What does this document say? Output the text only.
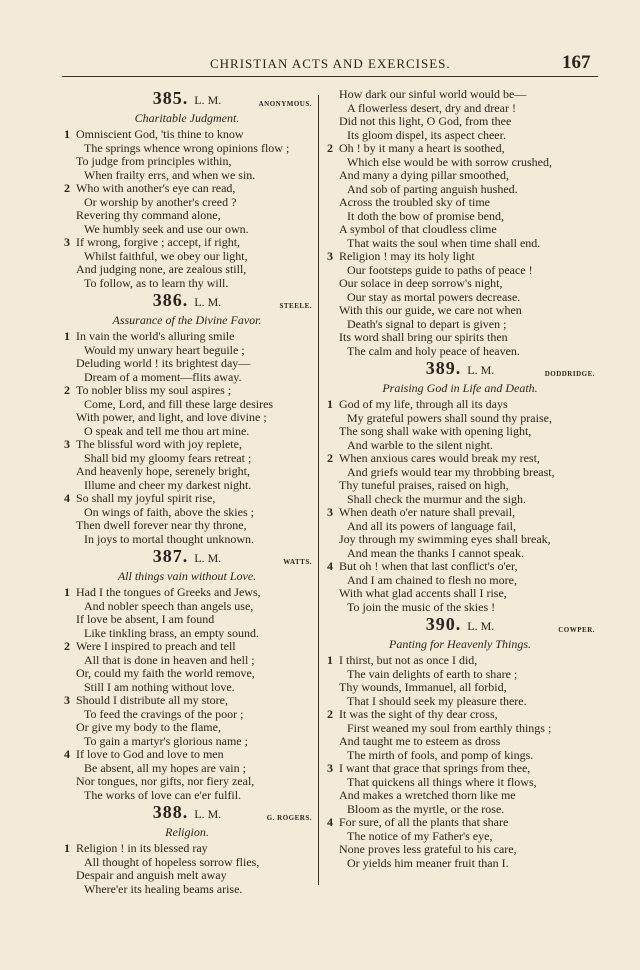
CHRISTIAN ACTS AND EXERCISES.	167
385. L. M.	ANONYMOUS.
Charitable Judgment.
1 Omniscient God, 'tis thine to know
The springs whence wrong opinions flow ;
To judge from principles within,
When frailty errs, and when we sin.
2 Who with another's eye can read,
Or worship by another's creed ?
Revering thy command alone,
We humbly seek and use our own.
3 If wrong, forgive ; accept, if right,
Whilst faithful, we obey our light,
And judging none, are zealous still,
To follow, as to learn thy will.
386. L. M.	STEELE.
Assurance of the Divine Favor.
1 In vain the world's alluring smile
Would my unwary heart beguile ;
Deluding world ! its brightest day—
Dream of a moment—flits away.
2 To nobler bliss my soul aspires ;
Come, Lord, and fill these large desires
With power, and light, and love divine ;
O speak and tell me thou art mine.
3 The blissful word with joy replete,
Shall bid my gloomy fears retreat ;
And heavenly hope, serenely bright,
Illume and cheer my darkest night.
4 So shall my joyful spirit rise,
On wings of faith, above the skies ;
Then dwell forever near thy throne,
In joys to mortal thought unknown.
387. L. M.	WATTS.
All things vain without Love.
1 Had I the tongues of Greeks and Jews,
And nobler speech than angels use,
If love be absent, I am found
Like tinkling brass, an empty sound.
2 Were I inspired to preach and tell
All that is done in heaven and hell ;
Or, could my faith the world remove,
Still I am nothing without love.
3 Should I distribute all my store,
To feed the cravings of the poor ;
Or give my body to the flame,
To gain a martyr's glorious name ;
4 If love to God and love to men
Be absent, all my hopes are vain ;
Nor tongues, nor gifts, nor fiery zeal,
The works of love can e'er fulfil.
388. L. M.	G. ROGERS.
Religion.
1 Religion ! in its blessed ray
All thought of hopeless sorrow flies,
Despair and anguish melt away
Where'er its healing beams arise.
How dark our sinful world would be—
A flowerless desert, dry and drear !
Did not this light, O God, from thee
Its gloom dispel, its aspect cheer.
2 Oh ! by it many a heart is soothed,
Which else would be with sorrow crushed,
And many a dying pillar smoothed,
And sob of parting anguish hushed.
Across the troubled sky of time
It doth the bow of promise bend,
A symbol of that cloudless clime
That waits the soul when time shall end.
3 Religion ! may its holy light
Our footsteps guide to paths of peace !
Our solace in deep sorrow's night,
Our stay as mortal powers decrease.
With this our guide, we care not when
Death's signal to depart is given ;
Its word shall bring our spirits then
The calm and holy peace of heaven.
389. L. M.	DODDRIDGE.
Praising God in Life and Death.
1 God of my life, through all its days
My grateful powers shall sound thy praise,
The song shall wake with opening light,
And warble to the silent night.
2 When anxious cares would break my rest,
And griefs would tear my throbbing breast,
Thy tuneful praises, raised on high,
Shall check the murmur and the sigh.
3 When death o'er nature shall prevail,
And all its powers of language fail,
Joy through my swimming eyes shall break,
And mean the thanks I cannot speak.
4 But oh ! when that last conflict's o'er,
And I am chained to flesh no more,
With what glad accents shall I rise,
To join the music of the skies !
390. L. M.	COWPER.
Panting for Heavenly Things.
1 I thirst, but not as once I did,
The vain delights of earth to share ;
Thy wounds, Immanuel, all forbid,
That I should seek my pleasure there.
2 It was the sight of thy dear cross,
First weaned my soul from earthly things ;
And taught me to esteem as dross
The mirth of fools, and pomp of kings.
3 I want that grace that springs from thee,
That quickens all things where it flows,
And makes a wretched thorn like me
Bloom as the myrtle, or the rose.
4 For sure, of all the plants that share
The notice of my Father's eye,
None proves less grateful to his care,
Or yields him meaner fruit than I.
